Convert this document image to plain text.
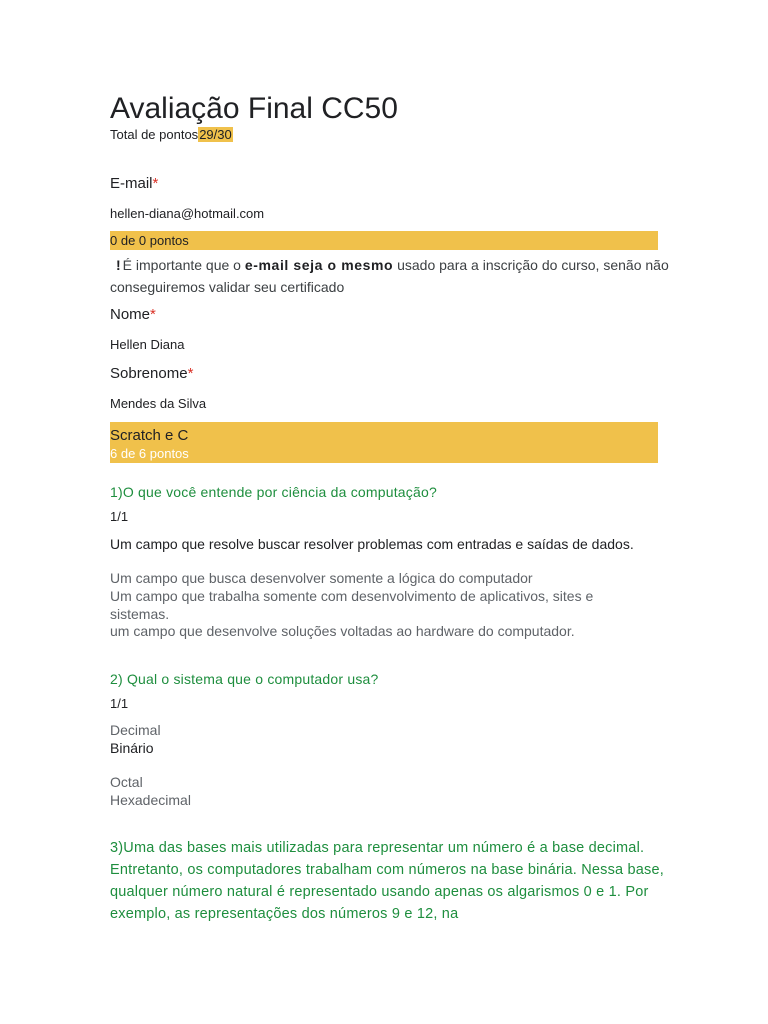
Avaliação Final CC50
Total de pontos29/30
E-mail*
hellen-diana@hotmail.com
0 de 0 pontos
! É importante que o e-mail seja o mesmo usado para a inscrição do curso, senão não conseguiremos validar seu certificado
Nome*
Hellen Diana
Sobrenome*
Mendes da Silva
Scratch e C
6 de 6 pontos
1)O que você entende por ciência da computação?
1/1
Um campo que resolve buscar resolver problemas com entradas e saídas de dados.
Um campo que busca desenvolver somente a lógica do computador
Um campo que trabalha somente com desenvolvimento de aplicativos, sites e sistemas.
um campo que desenvolve soluções voltadas ao hardware do computador.
2) Qual o sistema que o computador usa?
1/1
Decimal
Binário
Octal
Hexadecimal
3)Uma das bases mais utilizadas para representar um número é a base decimal. Entretanto, os computadores trabalham com números na base binária. Nessa base, qualquer número natural é representado usando apenas os algarismos 0 e 1. Por exemplo, as representações dos números 9 e 12, na
